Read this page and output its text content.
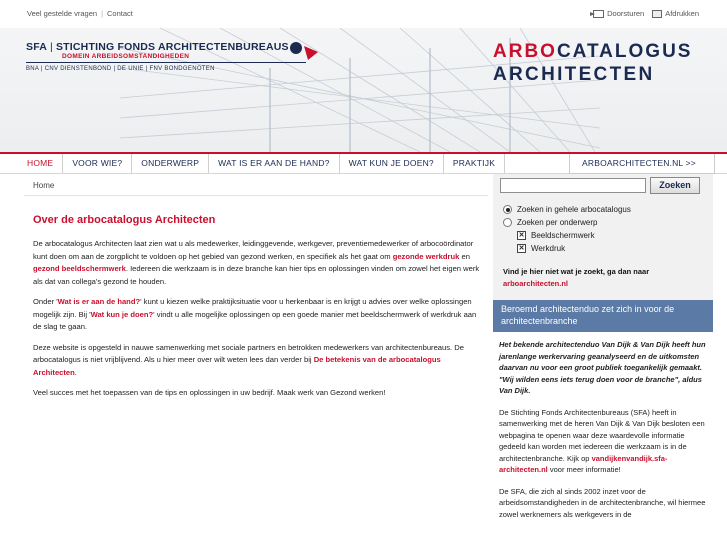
Veel gestelde vragen | Contact	Doorsturen	Afdrukken
SFA | STICHTING FONDS ARCHITECTENBUREAUS
DOMEIN ARBEIDSOMSTANDIGHEDEN
BNA | CNV DIENSTENBOND | DE UNIE | FNV BONDGENOTEN
ARBOCATALOGUS
ARCHITECTEN
HOME	VOOR WIE?	ONDERWERP	WAT IS ER AAN DE HAND?	WAT KUN JE DOEN?	PRAKTIJK	ARBOARCHITECTEN.NL >>
Home
Over de arbocatalogus Architecten

De arbocatalogus Architecten laat zien wat u als medewerker, leidinggevende, werkgever, preventiemedewerker of arbocoördinator kunt doen om aan de zorgplicht te voldoen op het gebied van gezond werken, en specifiek als het gaat om gezonde werkdruk en gezond beeldschermwerk. Iedereen die werkzaam is in deze branche kan hier tips en oplossingen vinden om zowel het eigen werk als dat van collega's gezond te houden.

Onder 'Wat is er aan de hand?' kunt u kiezen welke praktijksituatie voor u herkenbaar is en krijgt u advies over welke oplossingen mogelijk zijn. Bij 'Wat kun je doen?' vindt u alle mogelijke oplossingen op een goede manier met beeldschermwerk of werkdruk aan de slag te gaan.

Deze website is opgesteld in nauwe samenwerking met sociale partners en betrokken medewerkers van architectenbureaus. De arbocatalogus is niet vrijblijvend. Als u hier meer over wilt weten lees dan verder bij De betekenis van de arbocatalogus Architecten.

Veel succes met het toepassen van de tips en oplossingen in uw bedrijf. Maak werk van Gezond werken!

Zoeken
Zoeken in gehele arbocatalogus
Zoeken per onderwerp
✕ Beeldschermwerk
✕ Werkdruk
Vind je hier niet wat je zoekt, ga dan naar arboarchitecten.nl
Beroemd architectenduo zet zich in voor de architectenbranche

Het bekende architectenduo Van Dijk & Van Dijk heeft hun jarenlange werkervaring geanalyseerd en de uitkomsten daarvan nu voor een groot publiek toegankelijk gemaakt. "Wij wilden eens iets terug doen voor de branche", aldus Van Dijk.

De Stichting Fonds Architectenbureaus (SFA) heeft in samenwerking met de heren Van Dijk & Van Dijk besloten een webpagina te openen waar deze waardevolle informatie gedeeld kan worden met iedereen die werkzaam is in de architectenbranche. Kijk op vandijkenvandijk.sfa-architecten.nl voor meer informatie!

De SFA, die zich al sinds 2002 inzet voor de arbeidsomstandigheden in de architectenbranche, wil hiermee zowel werknemers als werkgevers in de
